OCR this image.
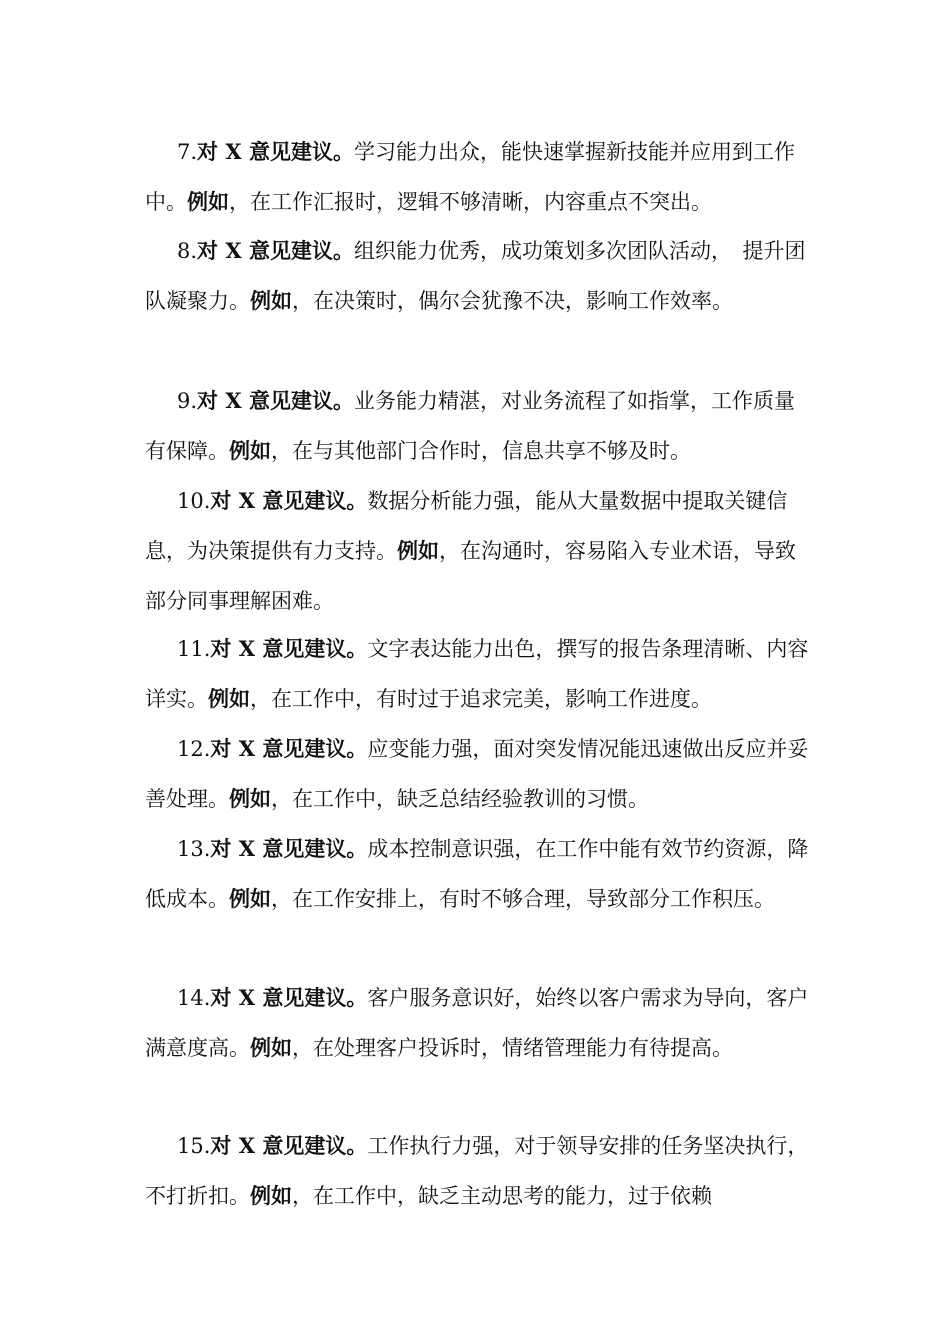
7.对 X 意见建议。学习能力出众，能快速掌握新技能并应用到工作中。例如，在工作汇报时，逻辑不够清晰，内容重点不突出。

8.对 X 意见建议。组织能力优秀，成功策划多次团队活动，　提升团队凝聚力。例如，在决策时，偶尔会犹豫不决，影响工作效率。

9.对 X 意见建议。业务能力精湛，对业务流程了如指掌，工作质量有保障。例如，在与其他部门合作时，信息共享不够及时。

10.对 X 意见建议。数据分析能力强，能从大量数据中提取关键信息，为决策提供有力支持。例如，在沟通时，容易陷入专业术语，导致部分同事理解困难。

11.对 X 意见建议。文字表达能力出色，撰写的报告条理清晰、内容详实。例如，在工作中，有时过于追求完美，影响工作进度。

12.对 X 意见建议。应变能力强，面对突发情况能迅速做出反应并妥善处理。例如，在工作中，缺乏总结经验教训的习惯。

13.对 X 意见建议。成本控制意识强，在工作中能有效节约资源，降低成本。例如，在工作安排上，有时不够合理，导致部分工作积压。

14.对 X 意见建议。客户服务意识好，始终以客户需求为导向，客户满意度高。例如，在处理客户投诉时，情绪管理能力有待提高。

15.对 X 意见建议。工作执行力强，对于领导安排的任务坚决执行，不打折扣。例如，在工作中，缺乏主动思考的能力，过于依赖
